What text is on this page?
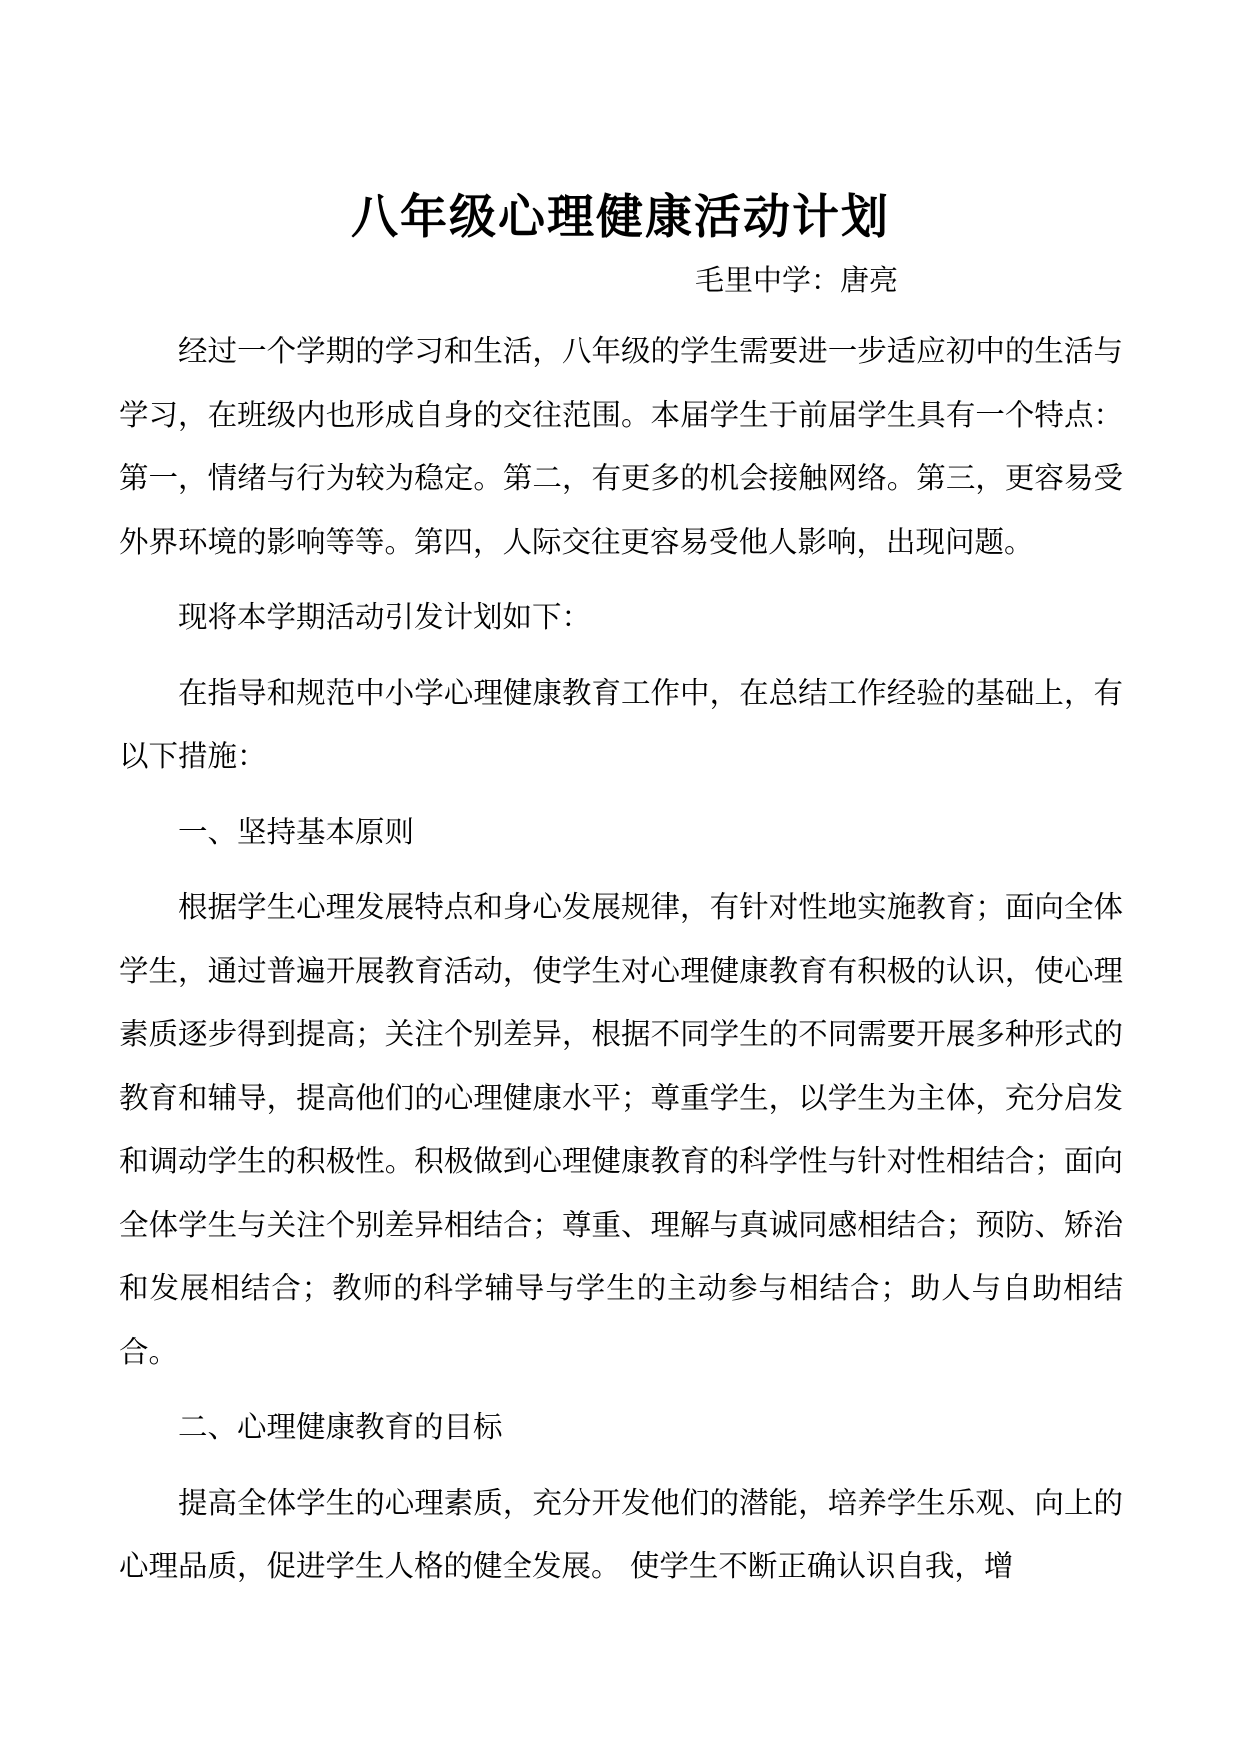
八年级心理健康活动计划
毛里中学：唐亮

经过一个学期的学习和生活，八年级的学生需要进一步适应初中的生活与学习，在班级内也形成自身的交往范围。本届学生于前届学生具有一个特点：第一，情绪与行为较为稳定。第二，有更多的机会接触网络。第三，更容易受外界环境的影响等等。第四，人际交往更容易受他人影响，出现问题。

现将本学期活动引发计划如下：

在指导和规范中小学心理健康教育工作中，在总结工作经验的基础上，有以下措施：

一、坚持基本原则

根据学生心理发展特点和身心发展规律，有针对性地实施教育；面向全体学生，通过普遍开展教育活动，使学生对心理健康教育有积极的认识，使心理素质逐步得到提高；关注个别差异，根据不同学生的不同需要开展多种形式的教育和辅导，提高他们的心理健康水平；尊重学生，以学生为主体，充分启发和调动学生的积极性。积极做到心理健康教育的科学性与针对性相结合；面向全体学生与关注个别差异相结合；尊重、理解与真诚同感相结合；预防、矫治和发展相结合；教师的科学辅导与学生的主动参与相结合；助人与自助相结合。

二、心理健康教育的目标

提高全体学生的心理素质，充分开发他们的潜能，培养学生乐观、向上的心理品质，促进学生人格的健全发展。 使学生不断正确认识自我，增
